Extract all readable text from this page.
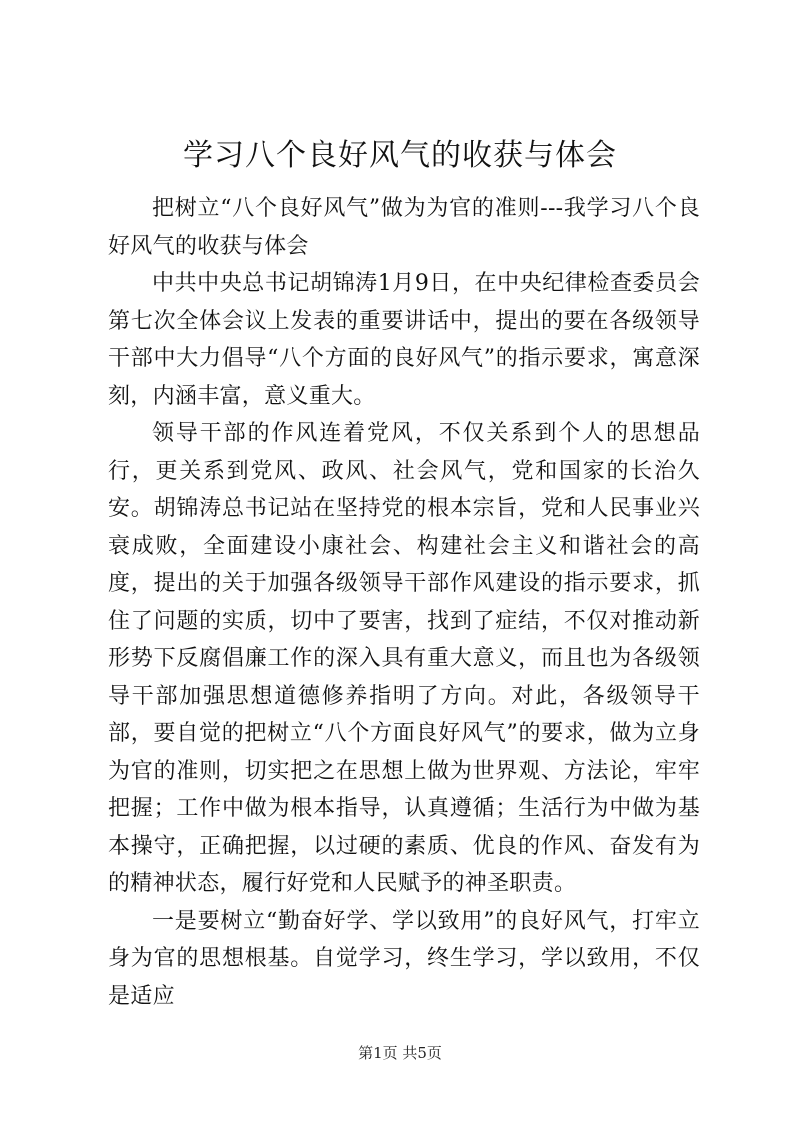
学习八个良好风气的收获与体会

把树立“八个良好风气”做为为官的准则---我学习八个良好风气的收获与体会

中共中央总书记胡锦涛1月9日，在中央纪律检查委员会第七次全体会议上发表的重要讲话中，提出的要在各级领导干部中大力倡导“八个方面的良好风气”的指示要求，寓意深刻，内涵丰富，意义重大。

领导干部的作风连着党风，不仅关系到个人的思想品行，更关系到党风、政风、社会风气，党和国家的长治久安。胡锦涛总书记站在坚持党的根本宗旨，党和人民事业兴衰成败，全面建设小康社会、构建社会主义和谐社会的高度，提出的关于加强各级领导干部作风建设的指示要求，抓住了问题的实质，切中了要害，找到了症结，不仅对推动新形势下反腐倡廉工作的深入具有重大意义，而且也为各级领导干部加强思想道德修养指明了方向。对此，各级领导干部，要自觉的把树立“八个方面良好风气”的要求，做为立身为官的准则，切实把之在思想上做为世界观、方法论，牢牢把握；工作中做为根本指导，认真遵循；生活行为中做为基本操守，正确把握，以过硬的素质、优良的作风、奋发有为的精神状态，履行好党和人民赋予的神圣职责。

一是要树立“勤奋好学、学以致用”的良好风气，打牢立身为官的思想根基。自觉学习，终生学习，学以致用，不仅是适应

第1页 共5页
